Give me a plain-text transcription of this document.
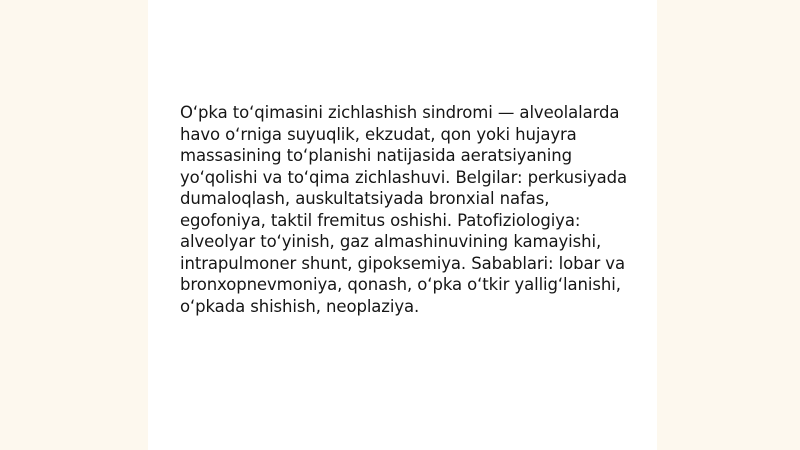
O‘pka to‘qimasini zichlashish sindromi — alveolalarda havo o‘rniga suyuqlik, ekzudat, qon yoki hujayra massasining to‘planishi natijasida aeratsiyaning yo‘qolishi va to‘qima zichlashuvi. Belgilar: perkusiyada dumaloqlash, auskultatsiyada bronxial nafas, egofoniya, taktil fremitus oshishi. Patofiziologiya: alveolyar to‘yinish, gaz almashinuvining kamayishi, intrapulmoner shunt, gipoksemiya. Sabablari: lobar va bronxopnevmoniya, qonash, o‘pka o‘tkir yallig‘lanishi, o‘pkada shishish, neoplaziya.
